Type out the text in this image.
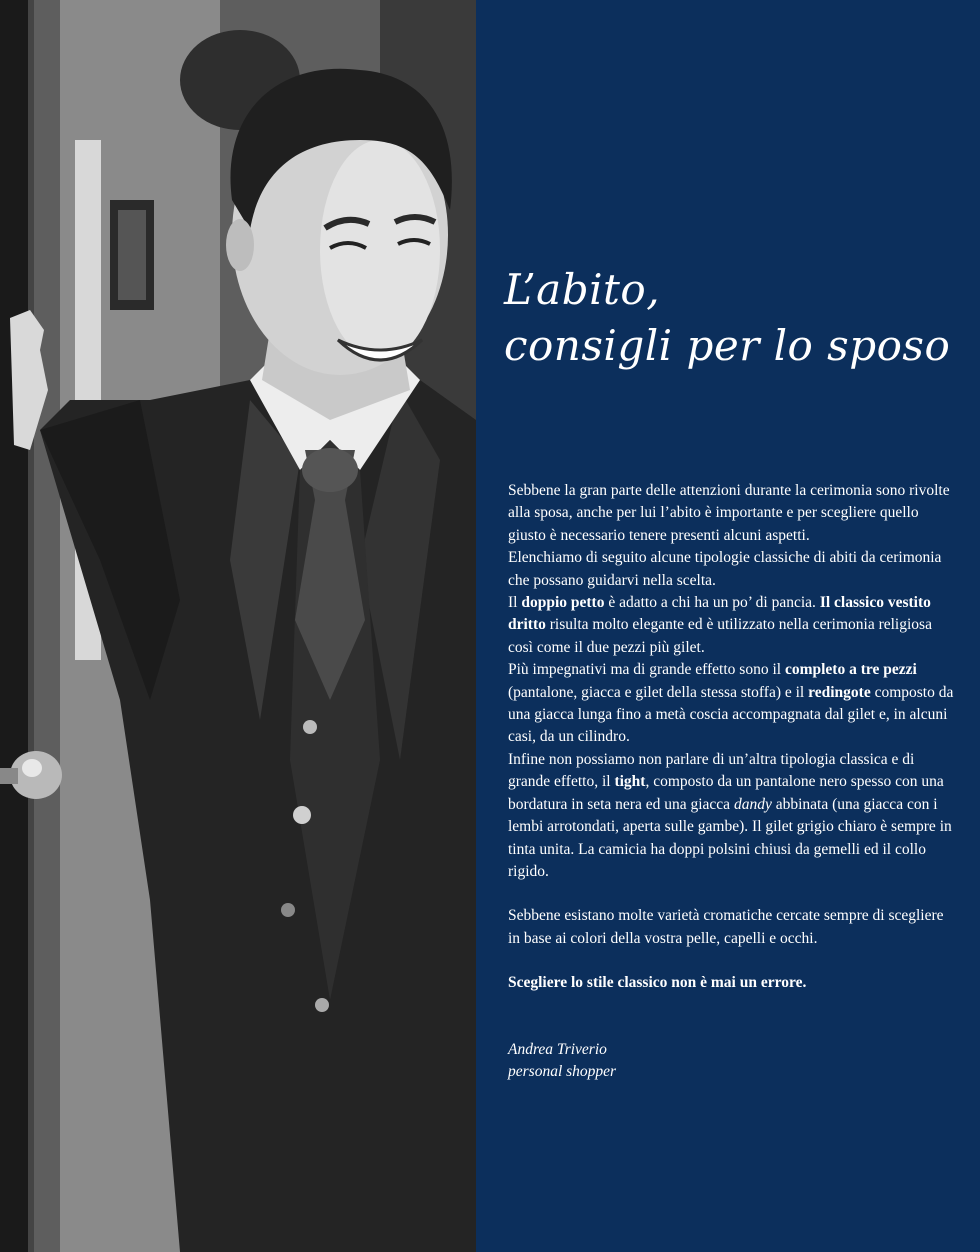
L’abito,
consigli per lo sposo

Sebbene la gran parte delle attenzioni durante la cerimonia sono rivolte alla sposa, anche per lui l’abito è importante e per scegliere quello giusto è necessario tenere presenti alcuni aspetti.

Elenchiamo di seguito alcune tipologie classiche di abiti da cerimonia che possano guidarvi nella scelta.

Il doppio petto è adatto a chi ha un po’ di pancia. Il classico vestito dritto risulta molto elegante ed è utilizzato nella cerimonia religiosa così come il due pezzi più gilet.

Più impegnativi ma di grande effetto sono il completo a tre pezzi (pantalone, giacca e gilet della stessa stoffa) e il redingote composto da una giacca lunga fino a metà coscia accompagnata dal gilet e, in alcuni casi, da un cilindro.

Infine non possiamo non parlare di un’altra tipologia classica e di grande effetto, il tight, composto da un pantalone nero spesso con una bordatura in seta nera ed una giacca dandy abbinata (una giacca con i lembi arrotondati, aperta sulle gambe). Il gilet grigio chiaro è sempre in tinta unita. La camicia ha doppi polsini chiusi da gemelli ed il collo rigido.

Sebbene esistano molte varietà cromatiche cercate sempre di scegliere in base ai colori della vostra pelle, capelli e occhi.

Scegliere lo stile classico non è mai un errore.

Andrea Triverio

personal shopper
